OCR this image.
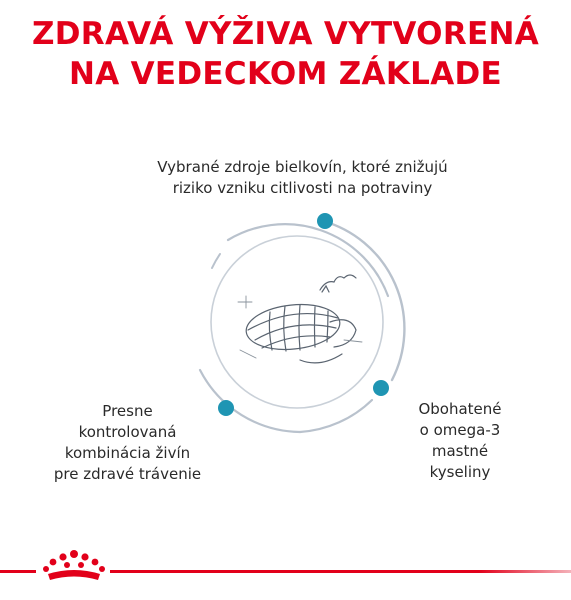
ZDRAVÁ VÝŽIVA VYTVORENÁ
NA VEDECKOM ZÁKLADE

Vybrané zdroje bielkovín, ktoré znižujú
riziko vzniku citlivosti na potraviny

Presne
kontrolovaná
kombinácia živín
pre zdravé trávenie

Obohatené
o omega-3
mastné
kyseliny
